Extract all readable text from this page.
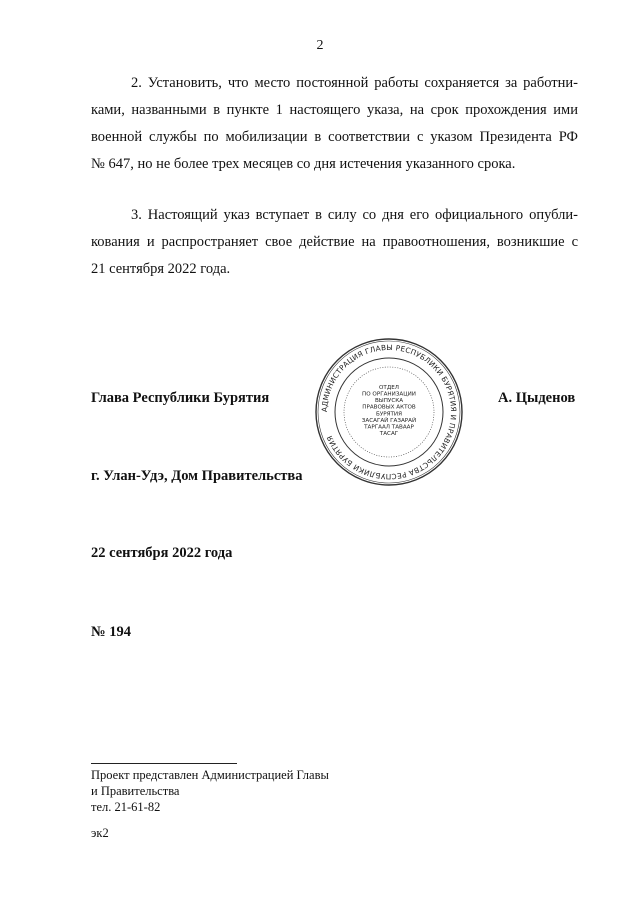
2
2. Установить, что место постоянной работы сохраняется за работни-
ками, названными в пункте 1 настоящего указа, на срок прохождения ими
военной службы по мобилизации в соответствии с указом Президента РФ
№ 647, но не более трех месяцев со дня истечения указанного срока.
3. Настоящий указ вступает в силу со дня его официального опубли-
кования и распространяет свое действие на правоотношения, возникшие с
21 сентября 2022 года.
Глава Республики Бурятия	А. Цыденов
АДМИНИСТРАЦИЯ ГЛАВЫ РЕСПУБЛИКИ БУРЯТИЯ И ПРАВИТЕЛЬСТВА РЕСПУБЛИКИ БУРЯТИЯ
ОТДЕЛ
ПО ОРГАНИЗАЦИИ
ВЫПУСКА
ПРАВОВЫХ АКТОВ
БУРЯТИЯ
ЗАСАГАЙ ГАЗАРАЙ
ТАРГААЛ ТАВААР
ТАСАГ
г. Улан-Удэ, Дом Правительства
22 сентября 2022 года
№ 194
Проект представлен Администрацией Главы
и Правительства
тел. 21-61-82
эк2
